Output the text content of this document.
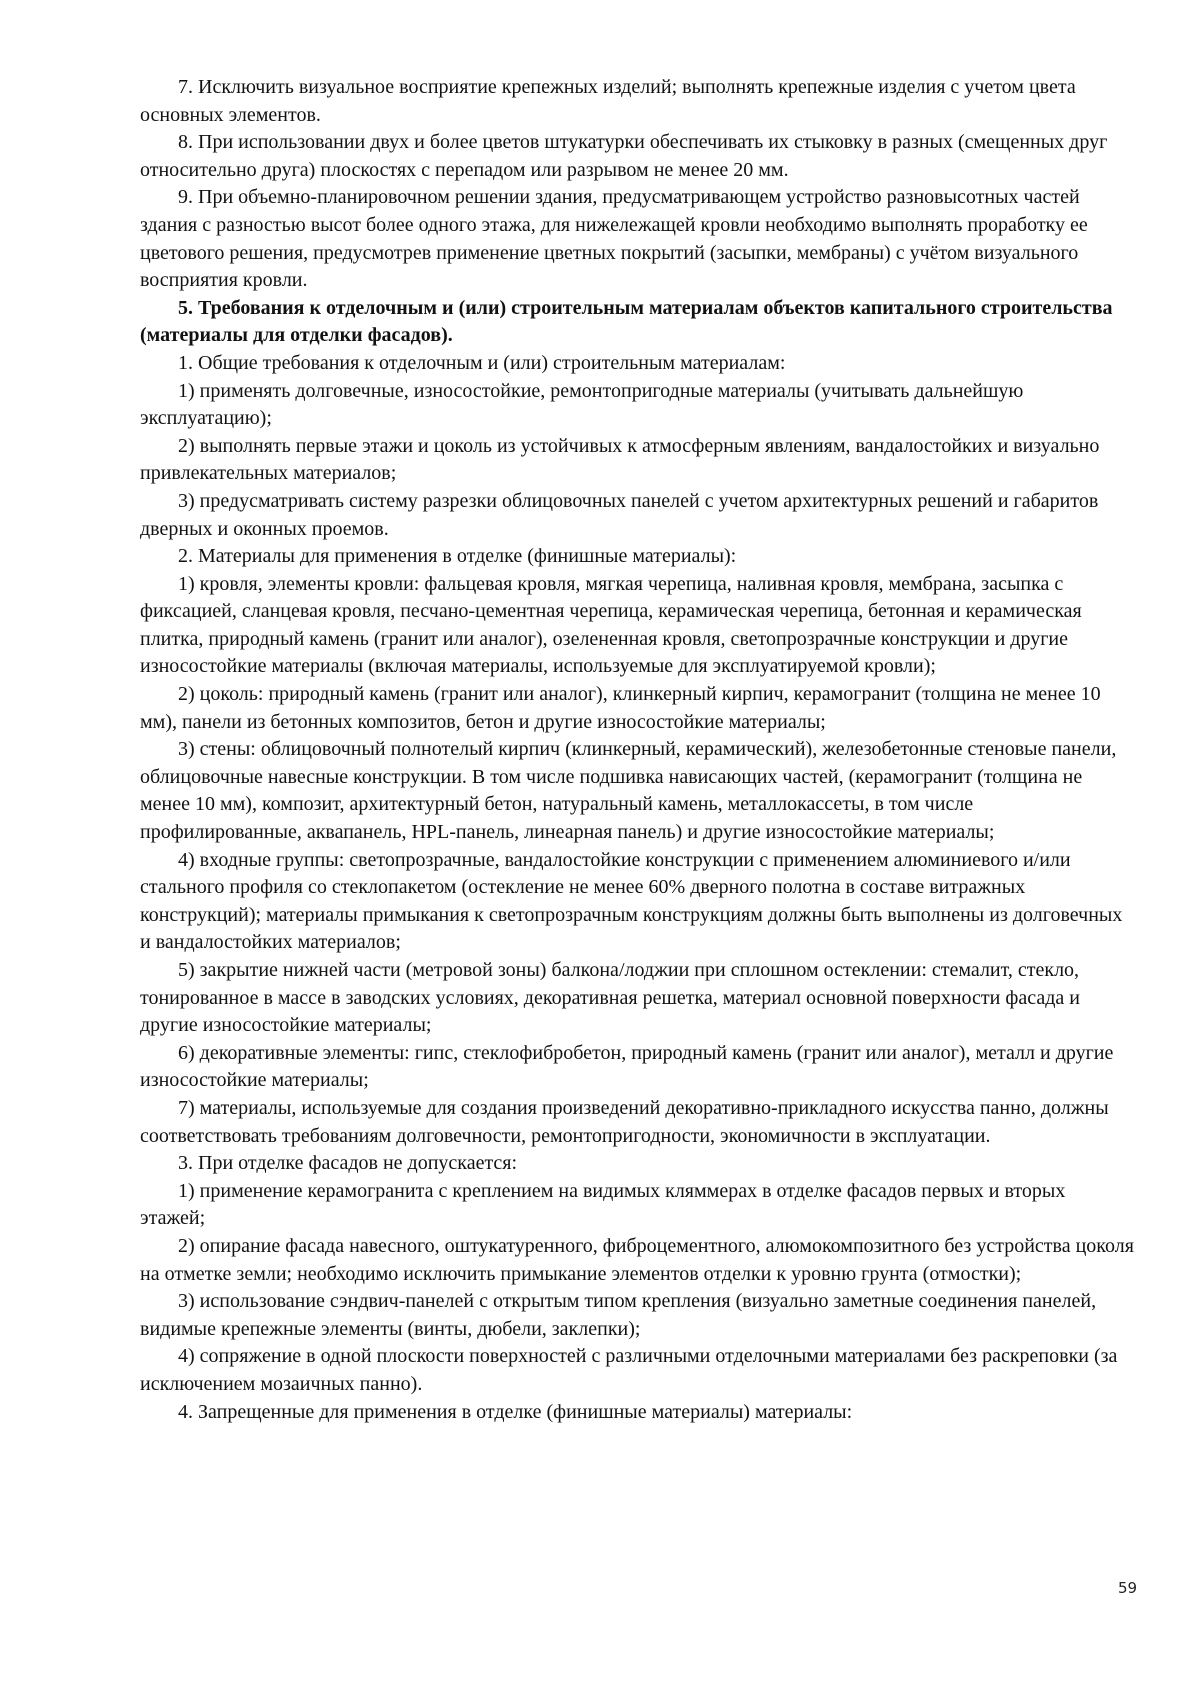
7. Исключить визуальное восприятие крепежных изделий; выполнять крепежные изделия с учетом цвета основных элементов.

8. При использовании двух и более цветов штукатурки обеспечивать их стыковку в разных (смещенных друг относительно друга) плоскостях с перепадом или разрывом не менее 20 мм.

9. При объемно-планировочном решении здания, предусматривающем устройство разновысотных частей здания с разностью высот более одного этажа, для нижележащей кровли необходимо выполнять проработку ее цветового решения, предусмотрев применение цветных покрытий (засыпки, мембраны) с учётом визуального восприятия кровли.

5. Требования к отделочным и (или) строительным материалам объектов капитального строительства (материалы для отделки фасадов).

1. Общие требования к отделочным и (или) строительным материалам:

1) применять долговечные, износостойкие, ремонтопригодные материалы (учитывать дальнейшую эксплуатацию);

2) выполнять первые этажи и цоколь из устойчивых к атмосферным явлениям, вандалостойких и визуально привлекательных материалов;

3) предусматривать систему разрезки облицовочных панелей с учетом архитектурных решений и габаритов дверных и оконных проемов.

2. Материалы для применения в отделке (финишные материалы):

1) кровля, элементы кровли: фальцевая кровля, мягкая черепица, наливная кровля, мембрана, засыпка с фиксацией, сланцевая кровля, песчано-цементная черепица, керамическая черепица, бетонная и керамическая плитка, природный камень (гранит или аналог), озелененная кровля, светопрозрачные конструкции и другие износостойкие материалы (включая материалы, используемые для эксплуатируемой кровли);

2) цоколь: природный камень (гранит или аналог), клинкерный кирпич, керамогранит (толщина не менее 10 мм), панели из бетонных композитов, бетон и другие износостойкие материалы;

3) стены: облицовочный полнотелый кирпич (клинкерный, керамический), железобетонные стеновые панели, облицовочные навесные конструкции. В том числе подшивка нависающих частей, (керамогранит (толщина не менее 10 мм), композит, архитектурный бетон, натуральный камень, металлокассеты, в том числе профилированные, аквапанель, HPL-панель, линеарная панель) и другие износостойкие материалы;

4) входные группы: светопрозрачные, вандалостойкие конструкции с применением алюминиевого и/или стального профиля со стеклопакетом (остекление не менее 60% дверного полотна в составе витражных конструкций); материалы примыкания к светопрозрачным конструкциям должны быть выполнены из долговечных и вандалостойких материалов;

5) закрытие нижней части (метровой зоны) балкона/лоджии при сплошном остеклении: стемалит, стекло, тонированное в массе в заводских условиях, декоративная решетка, материал основной поверхности фасада и другие износостойкие материалы;

6) декоративные элементы: гипс, стеклофибробетон, природный камень (гранит или аналог), металл и другие износостойкие материалы;

7) материалы, используемые для создания произведений декоративно-прикладного искусства панно, должны соответствовать требованиям долговечности, ремонтопригодности, экономичности в эксплуатации.

3. При отделке фасадов не допускается:

1) применение керамогранита с креплением на видимых кляммерах в отделке фасадов первых и вторых этажей;

2) опирание фасада навесного, оштукатуренного, фиброцементного, алюмокомпозитного без устройства цоколя на отметке земли; необходимо исключить примыкание элементов отделки к уровню грунта (отмостки);

3) использование сэндвич-панелей с открытым типом крепления (визуально заметные соединения панелей, видимые крепежные элементы (винты, дюбели, заклепки);

4) сопряжение в одной плоскости поверхностей с различными отделочными материалами без раскреповки (за исключением мозаичных панно).

4. Запрещенные для применения в отделке (финишные материалы) материалы:

59
